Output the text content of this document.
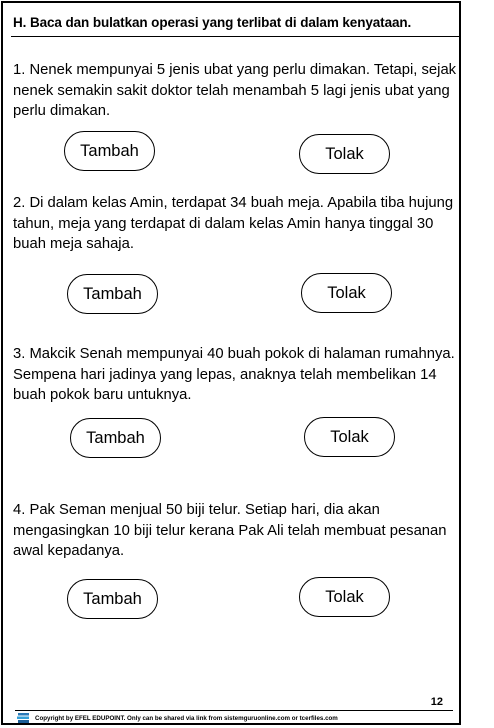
H. Baca dan bulatkan operasi yang terlibat di dalam kenyataan.
1. Nenek mempunyai 5 jenis ubat yang perlu dimakan. Tetapi, sejak nenek semakin sakit doktor telah menambah 5 lagi jenis ubat yang perlu dimakan.
Tambah	Tolak
2. Di dalam kelas Amin, terdapat 34 buah meja. Apabila tiba hujung tahun, meja yang terdapat di dalam kelas Amin hanya tinggal 30 buah meja sahaja.
Tambah	Tolak
3. Makcik Senah mempunyai 40 buah pokok di halaman rumahnya. Sempena hari jadinya yang lepas, anaknya telah membelikan 14 buah pokok baru untuknya.
Tambah	Tolak
4. Pak Seman menjual 50 biji telur. Setiap hari, dia akan mengasingkan 10 biji telur kerana Pak Ali telah membuat pesanan awal kepadanya.
Tambah	Tolak
12
Copyright by EFEL EDUPOINT. Only can be shared via link from sistemguruonline.com or tcerfiles.com
